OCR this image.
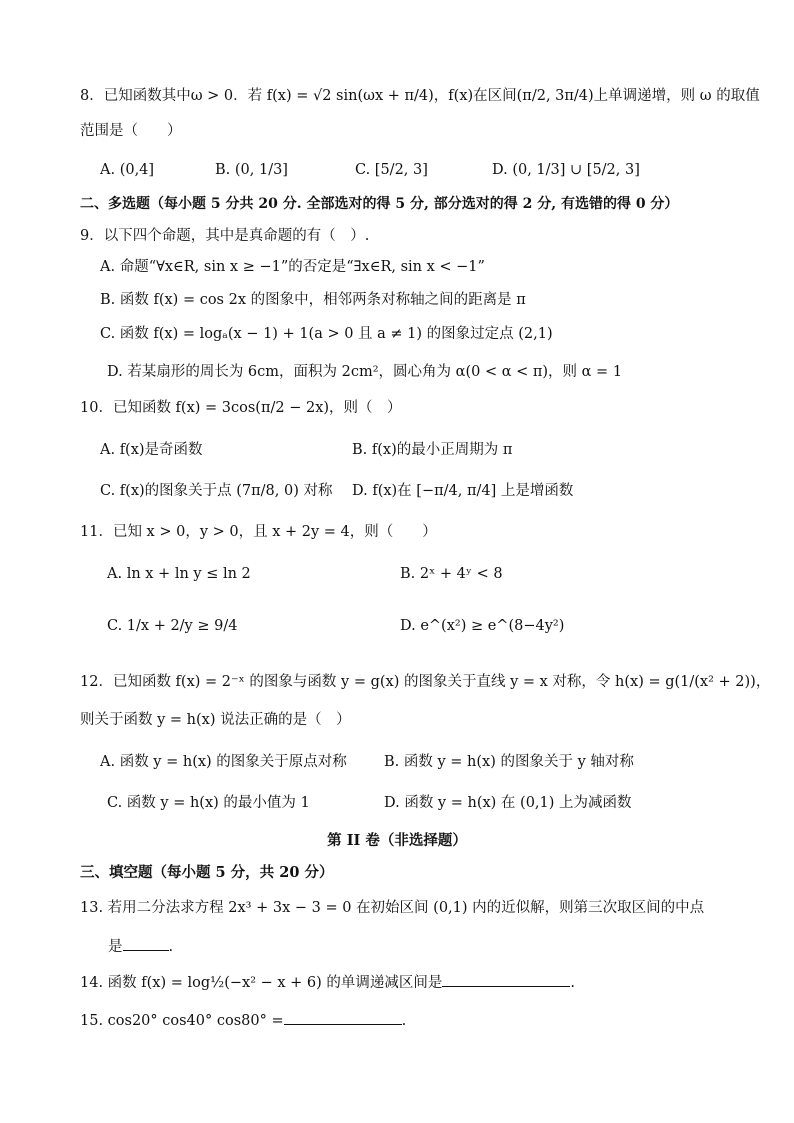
8．已知函数其中ω > 0．若 f(x) = √2 sin(ωx + π/4)，f(x)在区间(π/2, 3π/4)上单调递增，则 ω 的取值
范围是（　　）
A. (0,4]	B. (0, 1/3]	C. [5/2, 3]	D. (0, 1/3] ∪ [5/2, 3]
二、多选题（每小题 5 分共 20 分. 全部选对的得 5 分, 部分选对的得 2 分, 有选错的得 0 分）
9．以下四个命题，其中是真命题的有（　）.
A. 命题“∀x∈R, sin x ≥ −1”的否定是“∃x∈R, sin x < −1”
B. 函数 f(x) = cos 2x 的图象中，相邻两条对称轴之间的距离是 π
C. 函数 f(x) = logₐ(x − 1) + 1(a > 0 且 a ≠ 1) 的图象过定点 (2,1)
D. 若某扇形的周长为 6cm，面积为 2cm²，圆心角为 α(0 < α < π)，则 α = 1
10．已知函数 f(x) = 3cos(π/2 − 2x)，则（　）
A. f(x)是奇函数	B. f(x)的最小正周期为 π
C. f(x)的图象关于点 (7π/8, 0) 对称 D. f(x)在 [−π/4, π/4] 上是增函数
11．已知 x > 0，y > 0，且 x + 2y = 4，则（　　）
A. ln x + ln y ≤ ln 2	B. 2ˣ + 4ʸ < 8
C. 1/x + 2/y ≥ 9/4	D. e^(x²) ≥ e^(8−4y²)
12．已知函数 f(x) = 2⁻ˣ 的图象与函数 y = g(x) 的图象关于直线 y = x 对称，令 h(x) = g(1/(x² + 2))，
则关于函数 y = h(x) 说法正确的是（　）
A. 函数 y = h(x) 的图象关于原点对称	B. 函数 y = h(x) 的图象关于 y 轴对称
C. 函数 y = h(x) 的最小值为 1	D. 函数 y = h(x) 在 (0,1) 上为减函数
第 II 卷（非选择题）
三、填空题（每小题 5 分，共 20 分）
13. 若用二分法求方程 2x³ + 3x − 3 = 0 在初始区间 (0,1) 内的近似解，则第三次取区间的中点
是	.
14. 函数 f(x) = log½(−x² − x + 6) 的单调递减区间是	.
15. cos20° cos40° cos80° =	.
